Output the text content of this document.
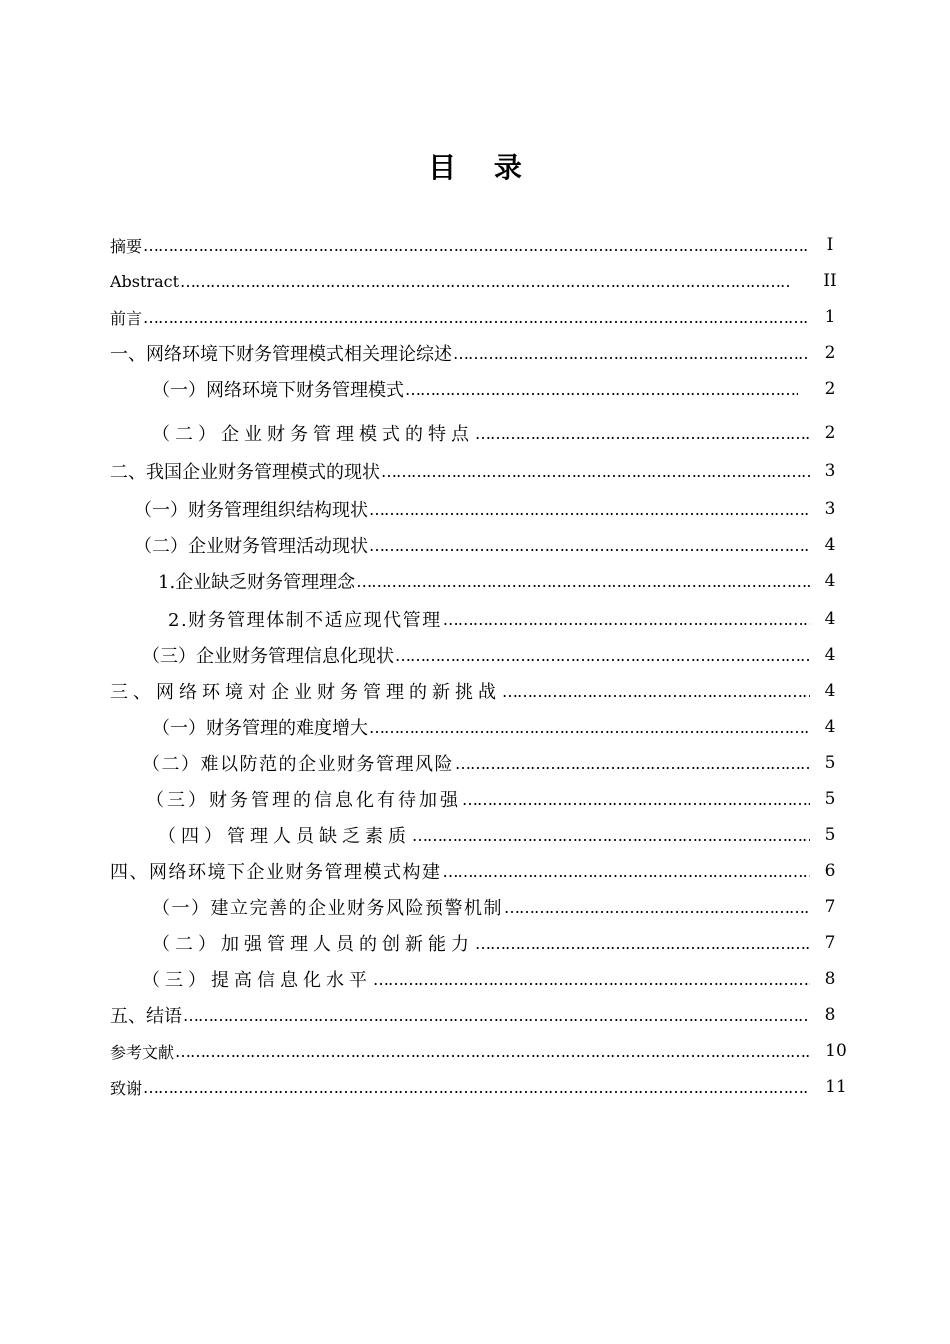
目 录
摘要 …………………………………………………………………………………………………………………………………………………………………………………………	I
Abstract …………………………………………………………………………………………………………………………………………………………………………………………	II
前言 …………………………………………………………………………………………………………………………………………………………………………………………	1
一、网络环境下财务管理模式相关理论综述 …………………………………………………………………………………………………………………………………………………………………………………………	2
（一）网络环境下财务管理模式 …………………………………………………………………………………………………………………………………………………………………………………………	2
（二）企业财务管理模式的特点 …………………………………………………………………………………………………………………………………………………………………………………………	2
二、我国企业财务管理模式的现状 …………………………………………………………………………………………………………………………………………………………………………………………	3
（一）财务管理组织结构现状 …………………………………………………………………………………………………………………………………………………………………………………………	3
（二）企业财务管理活动现状 …………………………………………………………………………………………………………………………………………………………………………………………	4
1.企业缺乏财务管理理念 …………………………………………………………………………………………………………………………………………………………………………………………	4
2.财务管理体制不适应现代管理 …………………………………………………………………………………………………………………………………………………………………………………………	4
（三）企业财务管理信息化现状 …………………………………………………………………………………………………………………………………………………………………………………………	4
三、网络环境对企业财务管理的新挑战 …………………………………………………………………………………………………………………………………………………………………………………………	4
（一）财务管理的难度增大 …………………………………………………………………………………………………………………………………………………………………………………………	4
（二）难以防范的企业财务管理风险 …………………………………………………………………………………………………………………………………………………………………………………………	5
（三）财务管理的信息化有待加强 …………………………………………………………………………………………………………………………………………………………………………………………	5
（四）管理人员缺乏素质 …………………………………………………………………………………………………………………………………………………………………………………………	5
四、网络环境下企业财务管理模式构建 …………………………………………………………………………………………………………………………………………………………………………………………	6
（一）建立完善的企业财务风险预警机制 …………………………………………………………………………………………………………………………………………………………………………………………	7
（二）加强管理人员的创新能力 …………………………………………………………………………………………………………………………………………………………………………………………	7
（三）提高信息化水平 …………………………………………………………………………………………………………………………………………………………………………………………	8
五、结语 …………………………………………………………………………………………………………………………………………………………………………………………	8
参考文献 …………………………………………………………………………………………………………………………………………………………………………………………	10
致谢 …………………………………………………………………………………………………………………………………………………………………………………………	11
